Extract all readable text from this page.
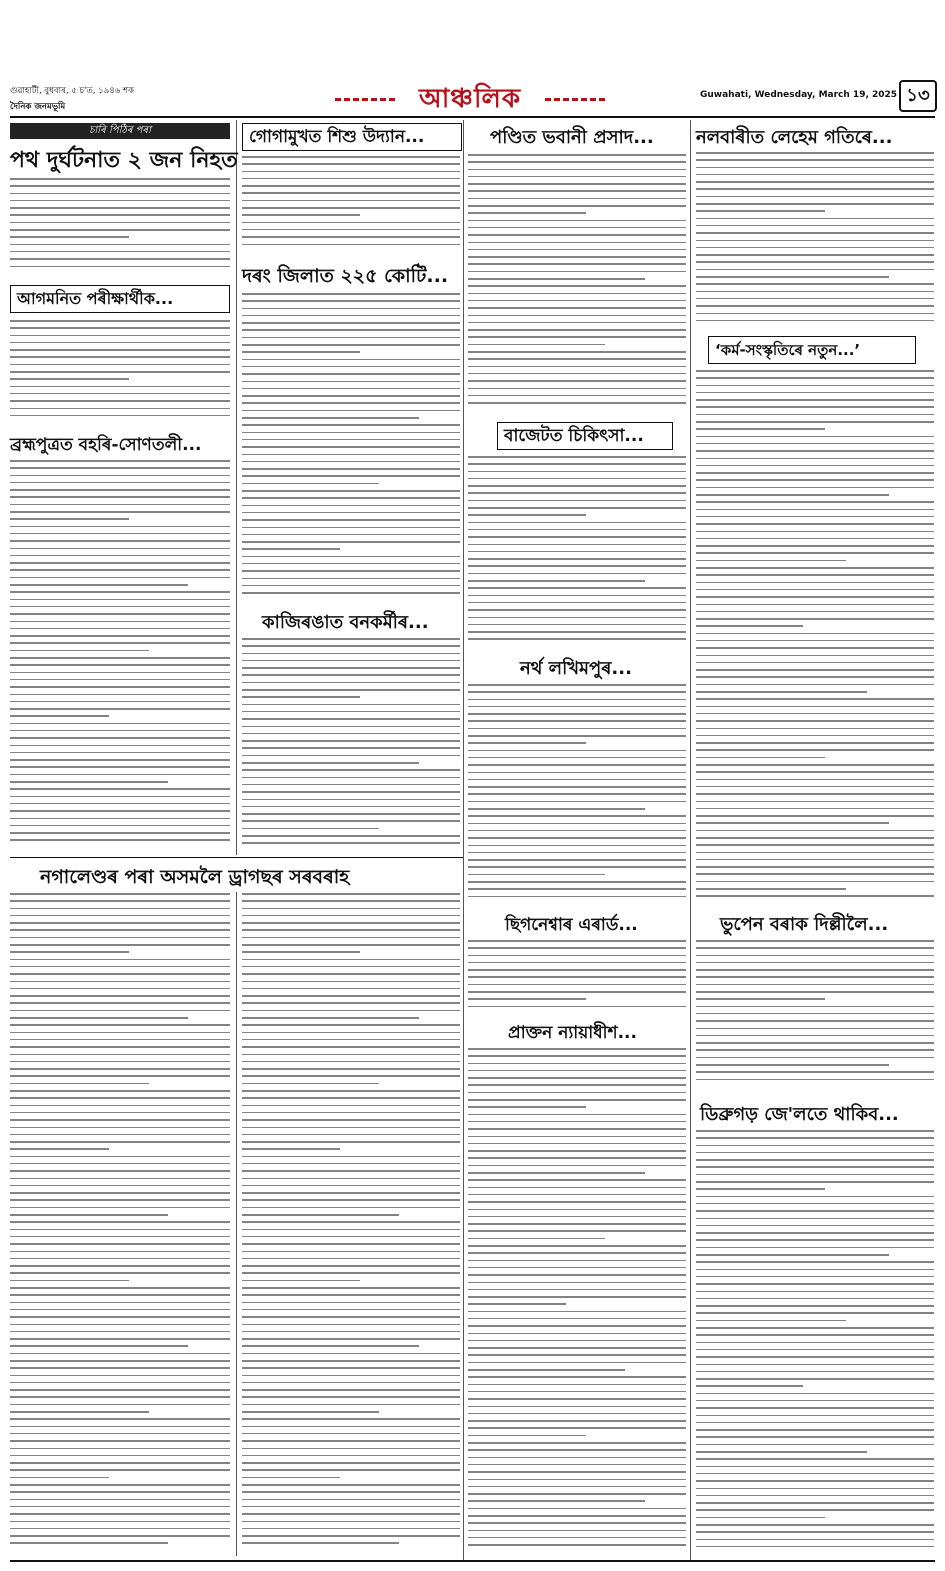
গুৱাহাটী, বুধবাৰ, ৫ চ'ত, ১৯৪৬ শক
দৈনিক জনমভূমি	আঞ্চলিক	Guwahati, Wednesday, March 19, 2025 ১৩
চাৰি পিঠিৰ পৰা
পথ দুৰ্ঘটনাত ২ জন নিহত
আগমনিত পৰীক্ষাৰ্থীক...
ব্ৰহ্মপুত্ৰত বহৰি-সোণতলী...
গোগামুখত শিশু উদ্যান...
দৰং জিলাত ২২৫ কোটি...
কাজিৰঙাত বনকৰ্মীৰ...
নগালেণ্ডৰ পৰা অসমলৈ ড্ৰাগছৰ সৰবৰাহ
পণ্ডিত ভবানী প্ৰসাদ...
বাজেটত চিকিৎসা...
নৰ্থ লখিমপুৰ...
ছিগনেশ্বাৰ এৰাৰ্ড...
প্ৰাক্তন ন্যায়াধীশ...
নলবাৰীত লেহেম গতিৰে...
‘কৰ্ম-সংস্কৃতিৰে নতুন...’
ভুপেন বৰাক দিল্লীলৈ...
ডিব্ৰুগড় জে'লতে থাকিব...
